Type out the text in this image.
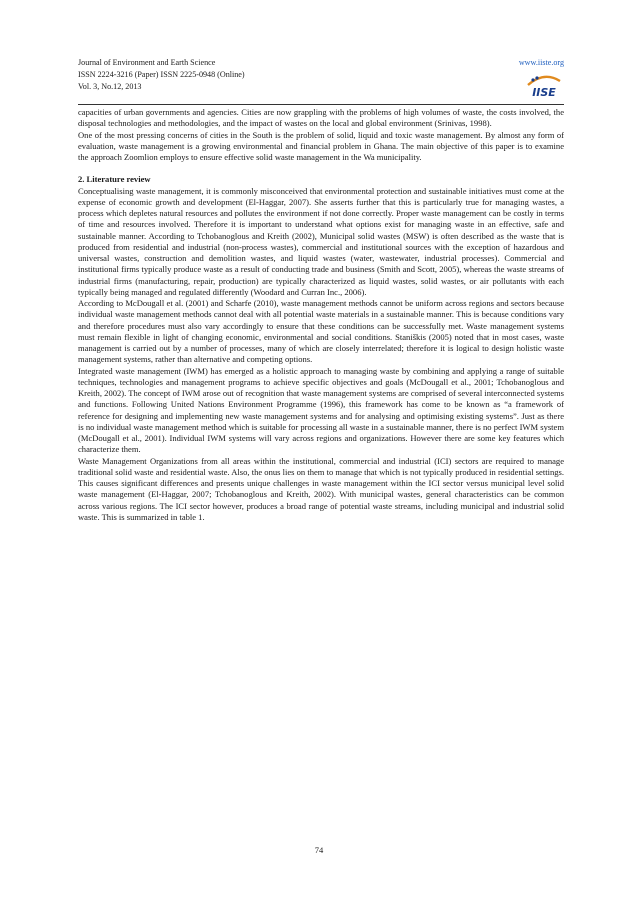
Journal of Environment and Earth Science
ISSN 2224-3216 (Paper) ISSN 2225-0948 (Online)
Vol. 3, No.12, 2013
www.iiste.org
IISE

capacities of urban governments and agencies. Cities are now grappling with the problems of high volumes of waste, the costs involved, the disposal technologies and methodologies, and the impact of wastes on the local and global environment (Srinivas, 1998).

One of the most pressing concerns of cities in the South is the problem of solid, liquid and toxic waste management. By almost any form of evaluation, waste management is a growing environmental and financial problem in Ghana. The main objective of this paper is to examine the approach Zoomlion employs to ensure effective solid waste management in the Wa municipality.

2. Literature review

Conceptualising waste management, it is commonly misconceived that environmental protection and sustainable initiatives must come at the expense of economic growth and development (El-Haggar, 2007). She asserts further that this is particularly true for managing wastes, a process which depletes natural resources and pollutes the environment if not done correctly. Proper waste management can be costly in terms of time and resources involved. Therefore it is important to understand what options exist for managing waste in an effective, safe and sustainable manner. According to Tchobanoglous and Kreith (2002), Municipal solid wastes (MSW) is often described as the waste that is produced from residential and industrial (non-process wastes), commercial and institutional sources with the exception of hazardous and universal wastes, construction and demolition wastes, and liquid wastes (water, wastewater, industrial processes). Commercial and institutional firms typically produce waste as a result of conducting trade and business (Smith and Scott, 2005), whereas the waste streams of industrial firms (manufacturing, repair, production) are typically characterized as liquid wastes, solid wastes, or air pollutants with each typically being managed and regulated differently (Woodard and Curran Inc., 2006).

According to McDougall et al. (2001) and Scharfe (2010), waste management methods cannot be uniform across regions and sectors because individual waste management methods cannot deal with all potential waste materials in a sustainable manner. This is because conditions vary and therefore procedures must also vary accordingly to ensure that these conditions can be successfully met. Waste management systems must remain flexible in light of changing economic, environmental and social conditions. Staniškis (2005) noted that in most cases, waste management is carried out by a number of processes, many of which are closely interrelated; therefore it is logical to design holistic waste management systems, rather than alternative and competing options.

Integrated waste management (IWM) has emerged as a holistic approach to managing waste by combining and applying a range of suitable techniques, technologies and management programs to achieve specific objectives and goals (McDougall et al., 2001; Tchobanoglous and Kreith, 2002). The concept of IWM arose out of recognition that waste management systems are comprised of several interconnected systems and functions. Following United Nations Environment Programme (1996), this framework has come to be known as “a framework of reference for designing and implementing new waste management systems and for analysing and optimising existing systems”. Just as there is no individual waste management method which is suitable for processing all waste in a sustainable manner, there is no perfect IWM system (McDougall et al., 2001). Individual IWM systems will vary across regions and organizations. However there are some key features which characterize them.

Waste Management Organizations from all areas within the institutional, commercial and industrial (ICI) sectors are required to manage traditional solid waste and residential waste. Also, the onus lies on them to manage that which is not typically produced in residential settings. This causes significant differences and presents unique challenges in waste management within the ICI sector versus municipal level solid waste management (El-Haggar, 2007; Tchobanoglous and Kreith, 2002). With municipal wastes, general characteristics can be common across various regions. The ICI sector however, produces a broad range of potential waste streams, including municipal and industrial solid waste. This is summarized in table 1.

74
